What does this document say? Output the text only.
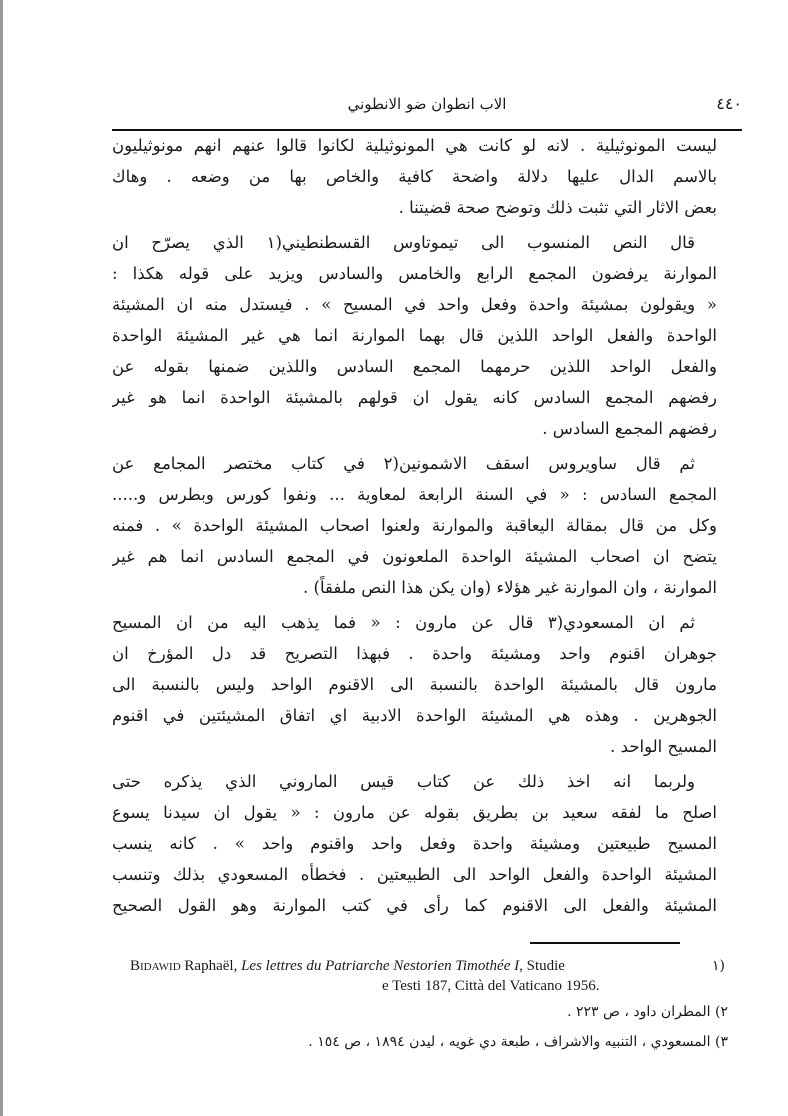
٤٤٠
الاب انطوان ضو الانطوني
ليست المونوثيلية . لانه لو كانت هي المونوثيلية لكانوا قالوا عنهم انهم مونوثيليون
بالاسم الدال عليها دلالة واضحة كافية والخاص بها من وضعه . وهاك
بعض الاثار التي تثبت ذلك وتوضح صحة قضيتنا .
قال النص المنسوب الى تيموتاوس القسطنطيني(١ الذي يصرّح ان
الموارنة يرفضون المجمع الرابع والخامس والسادس ويزيد على قوله هكذا :
« ويقولون بمشيئة واحدة وفعل واحد في المسيح » . فيستدل منه ان المشيئة
الواحدة والفعل الواحد اللذين قال بهما الموارنة انما هي غير المشيئة الواحدة
والفعل الواحد اللذين حرمهما المجمع السادس واللذين ضمنها بقوله عن
رفضهم المجمع السادس كانه يقول ان قولهم بالمشيئة الواحدة انما هو غير
رفضهم المجمع السادس .
ثم قال ساويروس اسقف الاشمونين(٢ في كتاب مختصر المجامع عن
المجمع السادس : « في السنة الرابعة لمعاوية ... ونفوا كورس وبطرس و.....
وكل من قال بمقالة اليعاقبة والموارنة ولعنوا اصحاب المشيئة الواحدة » . فمنه
يتضح ان اصحاب المشيئة الواحدة الملعونون في المجمع السادس انما هم غير
الموارنة ، وان الموارنة غير هؤلاء (وان يكن هذا النص ملفقاً) .
ثم ان المسعودي(٣ قال عن مارون : « فما يذهب اليه من ان المسيح
جوهران اقنوم واحد ومشيئة واحدة . فبهذا التصريح قد دل المؤرخ ان
مارون قال بالمشيئة الواحدة بالنسبة الى الاقنوم الواحد وليس بالنسبة الى
الجوهرين . وهذه هي المشيئة الواحدة الادبية اي اتفاق المشيئتين في اقنوم
المسيح الواحد .
ولربما انه اخذ ذلك عن كتاب قيس الماروني الذي يذكره حتى
اصلح ما لفقه سعيد بن بطريق بقوله عن مارون : « يقول ان سيدنا يسوع
المسيح طبيعتين ومشيئة واحدة وفعل واحد واقنوم واحد » . كانه ينسب
المشيئة الواحدة والفعل الواحد الى الطبيعتين . فخطأه المسعودي بذلك وتنسب
المشيئة والفعل الى الاقنوم كما رأى في كتب الموارنة وهو القول الصحيح
(١
Bidawid Raphaël, Les lettres du Patriarche Nestorien Timothée I, Studie
e Testi 187, Città del Vaticano 1956.
٢) المطران داود ، ص ٢٢٣ .
٣) المسعودي ، التنبيه والاشراف ، طبعة دي غويه ، ليدن ١٨٩٤ ، ص ١٥٤ .
